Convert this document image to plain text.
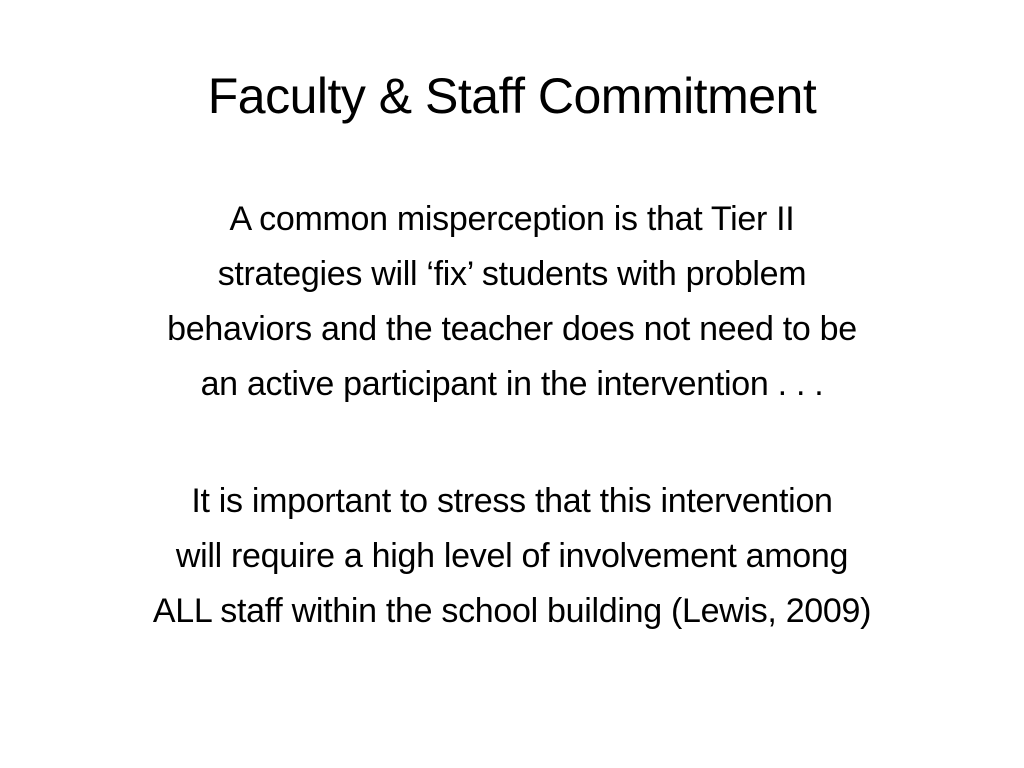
Faculty & Staff Commitment

A common misperception is that Tier II
strategies will ‘fix’ students with problem
behaviors and the teacher does not need to be
an active participant in the intervention . . .

It is important to stress that this intervention
will require a high level of involvement among
ALL staff within the school building (Lewis, 2009)
